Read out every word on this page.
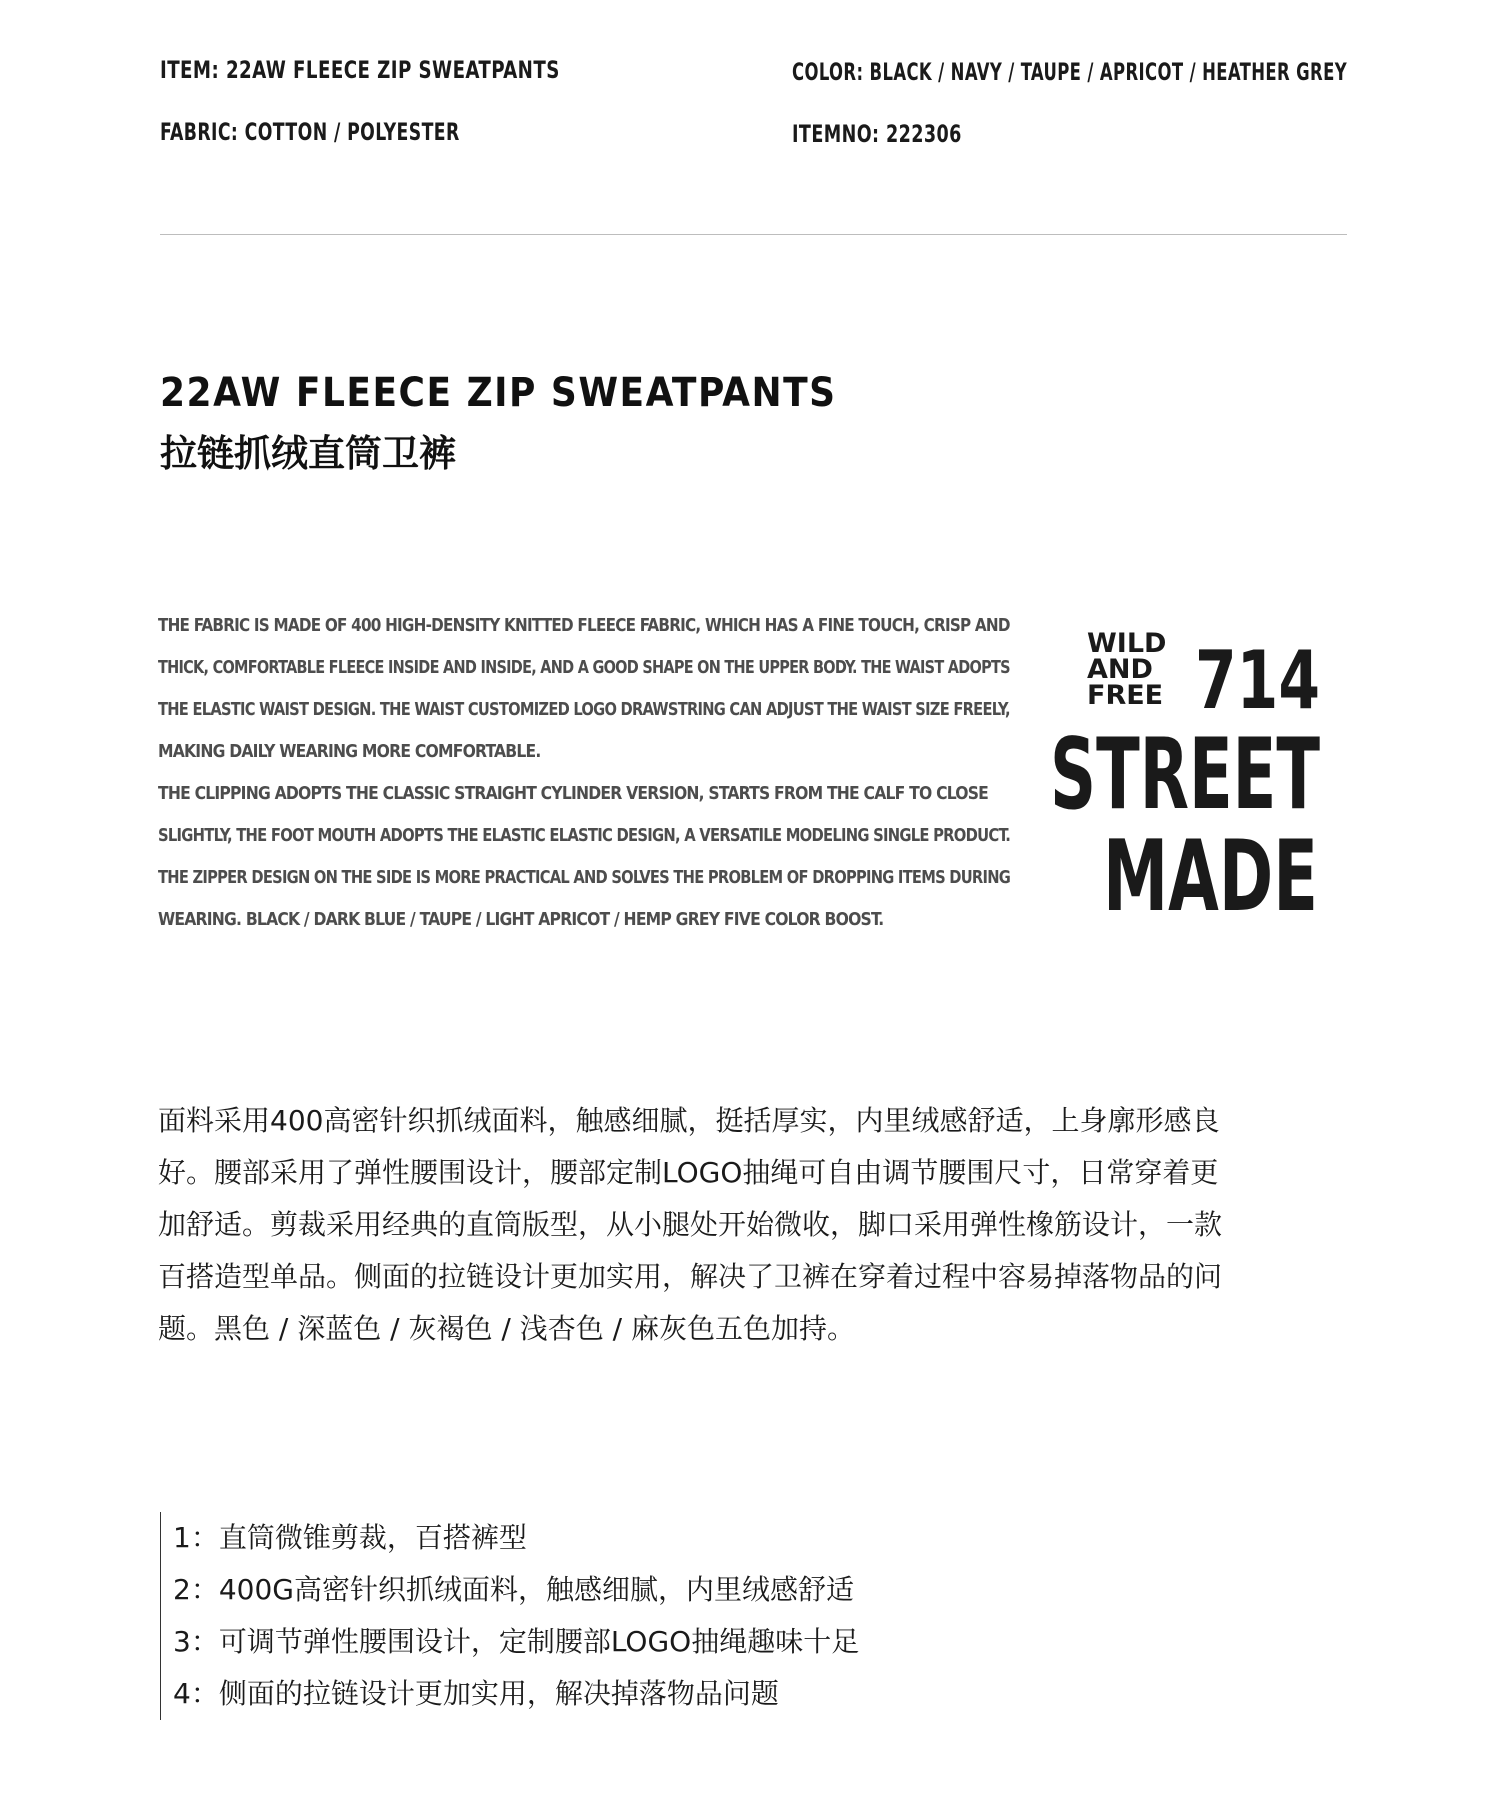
ITEM: 22AW FLEECE ZIP SWEATPANTS	COLOR: BLACK / NAVY / TAUPE / APRICOT / HEATHER GREY
FABRIC: COTTON / POLYESTER	ITEMNO: 222306
22AW FLEECE ZIP SWEATPANTS
拉链抓绒直筒卫裤
THE FABRIC IS MADE OF 400 HIGH-DENSITY KNITTED FLEECE FABRIC, WHICH HAS A FINE TOUCH, CRISP AND
THICK, COMFORTABLE FLEECE INSIDE AND INSIDE, AND A GOOD SHAPE ON THE UPPER BODY. THE WAIST ADOPTS
THE ELASTIC WAIST DESIGN. THE WAIST CUSTOMIZED LOGO DRAWSTRING CAN ADJUST THE WAIST SIZE FREELY,
MAKING DAILY WEARING MORE COMFORTABLE.
THE CLIPPING ADOPTS THE CLASSIC STRAIGHT CYLINDER VERSION, STARTS FROM THE CALF TO CLOSE
SLIGHTLY, THE FOOT MOUTH ADOPTS THE ELASTIC ELASTIC DESIGN, A VERSATILE MODELING SINGLE PRODUCT.
THE ZIPPER DESIGN ON THE SIDE IS MORE PRACTICAL AND SOLVES THE PROBLEM OF DROPPING ITEMS DURING
WEARING. BLACK / DARK BLUE / TAUPE / LIGHT APRICOT / HEMP GREY FIVE COLOR BOOST.
WILD
AND
FREE 714
STREET
MADE
面料采用400高密针织抓绒面料，触感细腻，挺括厚实，内里绒感舒适，上身廓形感良
好。腰部采用了弹性腰围设计，腰部定制LOGO抽绳可自由调节腰围尺寸，日常穿着更
加舒适。剪裁采用经典的直筒版型，从小腿处开始微收，脚口采用弹性橡筋设计，一款
百搭造型单品。侧面的拉链设计更加实用，解决了卫裤在穿着过程中容易掉落物品的问
题。黑色 / 深蓝色 / 灰褐色 / 浅杏色 / 麻灰色五色加持。
1：直筒微锥剪裁，百搭裤型
2：400G高密针织抓绒面料，触感细腻，内里绒感舒适
3：可调节弹性腰围设计，定制腰部LOGO抽绳趣味十足
4：侧面的拉链设计更加实用，解决掉落物品问题
